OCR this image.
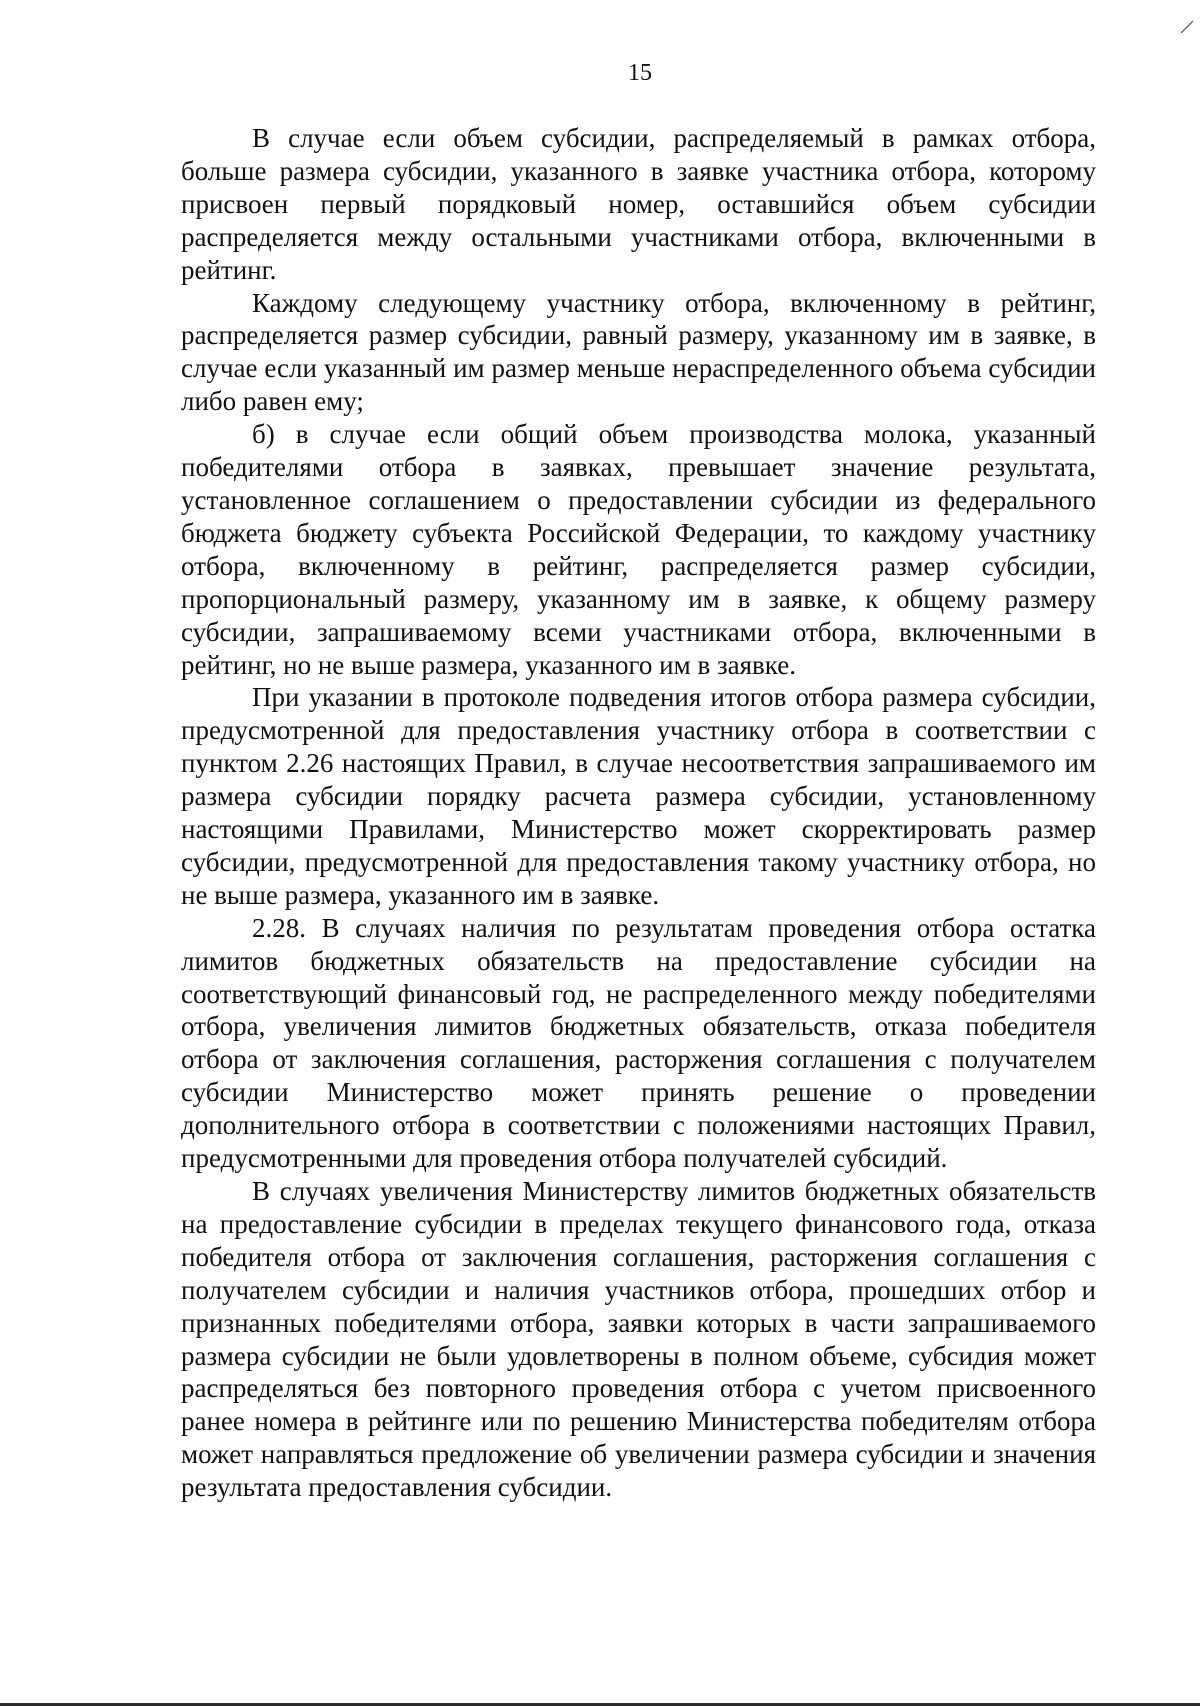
15

В случае если объем субсидии, распределяемый в рамках отбора, больше размера субсидии, указанного в заявке участника отбора, которому присвоен первый порядковый номер, оставшийся объем субсидии распределяется между остальными участниками отбора, включенными в рейтинг.

Каждому следующему участнику отбора, включенному в рейтинг, распределяется размер субсидии, равный размеру, указанному им в заявке, в случае если указанный им размер меньше нераспределенного объема субсидии либо равен ему;

б) в случае если общий объем производства молока, указанный победителями отбора в заявках, превышает значение результата, установленное соглашением о предоставлении субсидии из федерального бюджета бюджету субъекта Российской Федерации, то каждому участнику отбора, включенному в рейтинг, распределяется размер субсидии, пропорциональный размеру, указанному им в заявке, к общему размеру субсидии, запрашиваемому всеми участниками отбора, включенными в рейтинг, но не выше размера, указанного им в заявке.

При указании в протоколе подведения итогов отбора размера субсидии, предусмотренной для предоставления участнику отбора в соответствии с пунктом 2.26 настоящих Правил, в случае несоответствия запрашиваемого им размера субсидии порядку расчета размера субсидии, установленному настоящими Правилами, Министерство может скорректировать размер субсидии, предусмотренной для предоставления такому участнику отбора, но не выше размера, указанного им в заявке.

2.28. В случаях наличия по результатам проведения отбора остатка лимитов бюджетных обязательств на предоставление субсидии на соответствующий финансовый год, не распределенного между победителями отбора, увеличения лимитов бюджетных обязательств, отказа победителя отбора от заключения соглашения, расторжения соглашения с получателем субсидии Министерство может принять решение о проведении дополнительного отбора в соответствии с положениями настоящих Правил, предусмотренными для проведения отбора получателей субсидий.

В случаях увеличения Министерству лимитов бюджетных обязательств на предоставление субсидии в пределах текущего финансового года, отказа победителя отбора от заключения соглашения, расторжения соглашения с получателем субсидии и наличия участников отбора, прошедших отбор и признанных победителями отбора, заявки которых в части запрашиваемого размера субсидии не были удовлетворены в полном объеме, субсидия может распределяться без повторного проведения отбора с учетом присвоенного ранее номера в рейтинге или по решению Министерства победителям отбора может направляться предложение об увеличении размера субсидии и значения результата предоставления субсидии.
